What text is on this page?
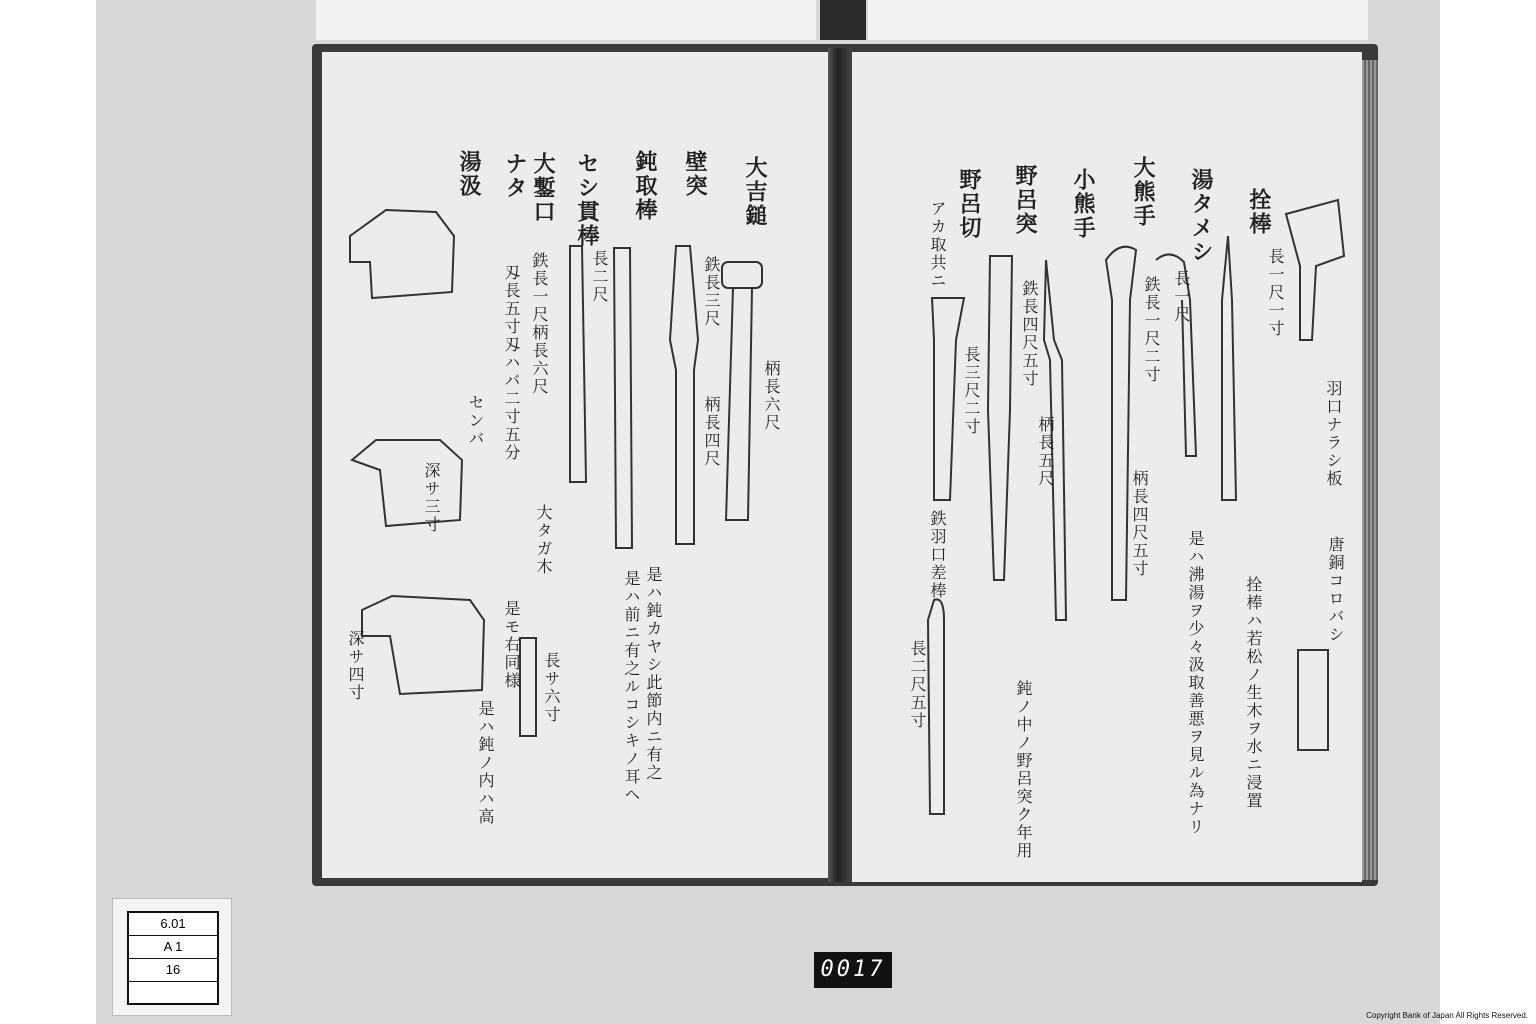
大吉鎚
壁突
鈍取棒
セシ貫棒
大鏨口
ナタ
湯汲
柄長六尺
鉄長三尺
柄長四尺
長二尺
鉄長一尺柄長六尺
刄長五寸刄ハバ二寸五分
センバ
深サ三寸
深サ四寸
大タガ木
是モ右同様 長サ六寸	是ハ鈍カヤシ此節内ニ有之
是ハ前ニ有之ルコシキノ耳ヘ
是ハ鈍ノ内ハ高
拴棒
湯タメシ
大熊手
小熊手
野呂突
野呂切
アカ取共ニ
羽口ナラシ板
唐銅コロバシ
長一尺一寸
長一尺
鉄長一尺二寸
柄長四尺五寸
鉄長四尺五寸
柄長五尺
長三尺二寸
鉄羽口差棒
長二尺五寸	是ハ沸湯ヲ少々汲取善悪ヲ見ル為ナリ 拴棒ハ若松ノ生木ヲ水ニ浸置
鈍ノ中ノ野呂突ク年用
6.01
A 1
16	0017
Copyright Bank of Japan All Rights Reserved.
